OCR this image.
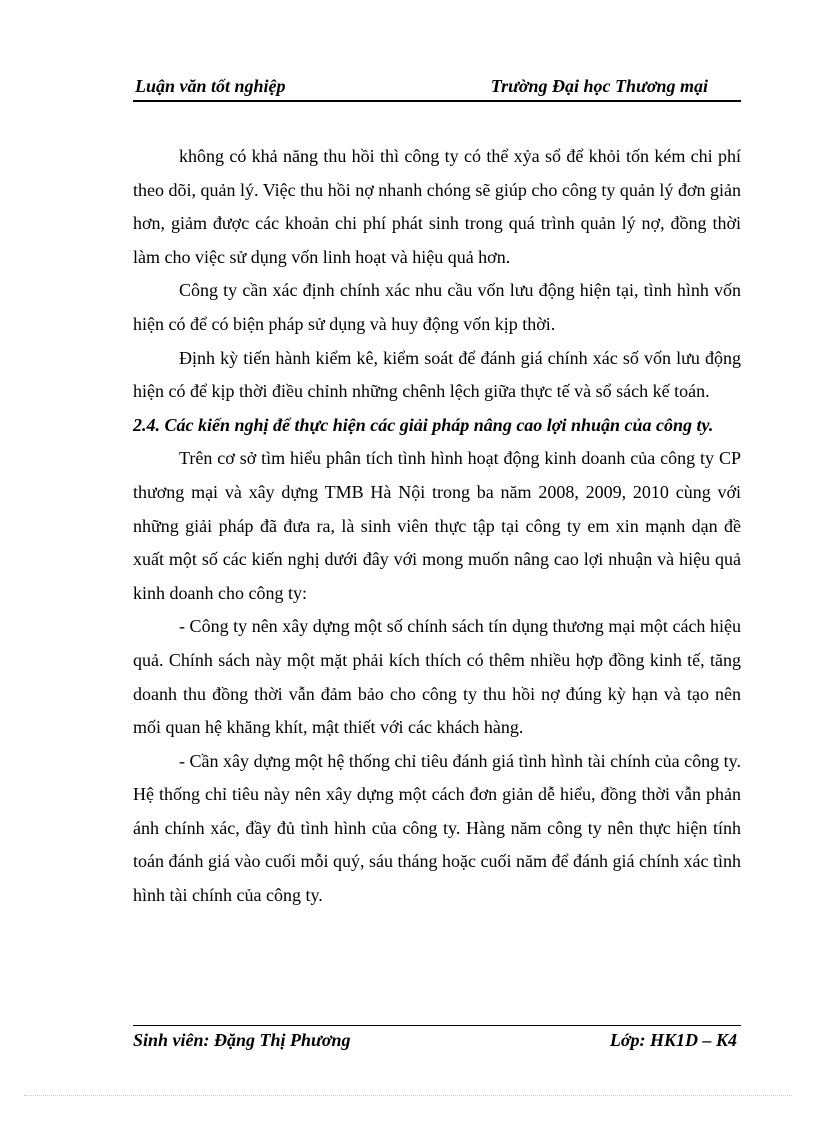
Luận văn tốt nghiệp	Trường Đại học Thương mại

không có khả năng thu hồi thì công ty có thể xỷa sổ để khỏi tốn kém chi phí theo dõi, quản lý. Việc thu hồi nợ nhanh chóng sẽ giúp cho công ty quản lý đơn giản hơn, giảm được các khoản chi phí phát sinh trong quá trình quản lý nợ, đồng thời làm cho việc sử dụng vốn linh hoạt và hiệu quả hơn.

Công ty cần xác định chính xác nhu cầu vốn lưu động hiện tại, tình hình vốn hiện có để có biện pháp sử dụng và huy động vốn kịp thời.

Định kỳ tiến hành kiểm kê, kiểm soát để đánh giá chính xác số vốn lưu động hiện có để kịp thời điều chỉnh những chênh lệch giữa thực tế và sổ sách kế toán.

2.4. Các kiến nghị để thực hiện các giải pháp nâng cao lợi nhuận của công ty.

Trên cơ sở tìm hiểu phân tích tình hình hoạt động kinh doanh của công ty CP thương mại và xây dựng TMB Hà Nội trong ba năm 2008, 2009, 2010 cùng với những giải pháp đã đưa ra, là sinh viên thực tập tại công ty em xin mạnh dạn đề xuất một số các kiến nghị dưới đây với mong muốn nâng cao lợi nhuận và hiệu quả kinh doanh cho công ty:

- Công ty nên xây dựng một số chính sách tín dụng thương mại một cách hiệu quả. Chính sách này một mặt phải kích thích có thêm nhiều hợp đồng kinh tế, tăng doanh thu đồng thời vẫn đảm bảo cho công ty thu hồi nợ đúng kỳ hạn và tạo nên mối quan hệ khăng khít, mật thiết với các khách hàng.

- Cần xây dựng một hệ thống chỉ tiêu đánh giá tình hình tài chính của công ty. Hệ thống chỉ tiêu này nên xây dựng một cách đơn giản dễ hiểu, đồng thời vẫn phản ánh chính xác, đầy đủ tình hình của công ty. Hàng năm công ty nên thực hiện tính toán đánh giá vào cuối mỗi quý, sáu tháng hoặc cuối năm để đánh giá chính xác tình hình tài chính của công ty.

Sinh viên: Đặng Thị Phương	Lớp: HK1D – K4
